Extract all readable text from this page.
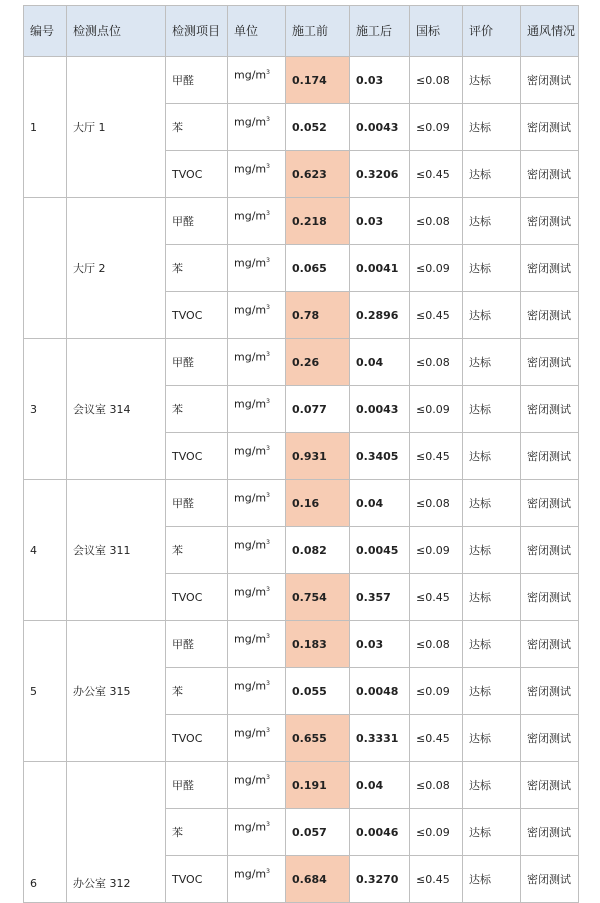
编号	检测点位	检测项目	单位	施工前	施工后	国标	评价	通风情况
1	大厅 1	甲醛	$mg/m^3$	0.174	0.03	≤0.08	达标	密闭测试
		苯	$mg/m^3$	0.052	0.0043	≤0.09	达标	密闭测试
		TVOC	$mg/m^3$	0.623	0.3206	≤0.45	达标	密闭测试
	大厅 2	甲醛	$mg/m^3$	0.218	0.03	≤0.08	达标	密闭测试
		苯	$mg/m^3$	0.065	0.0041	≤0.09	达标	密闭测试
		TVOC	$mg/m^3$	0.78	0.2896	≤0.45	达标	密闭测试
3	会议室 314	甲醛	$mg/m^3$	0.26	0.04	≤0.08	达标	密闭测试
		苯	$mg/m^3$	0.077	0.0043	≤0.09	达标	密闭测试
		TVOC	$mg/m^3$	0.931	0.3405	≤0.45	达标	密闭测试
4	会议室 311	甲醛	$mg/m^3$	0.16	0.04	≤0.08	达标	密闭测试
		苯	$mg/m^3$	0.082	0.0045	≤0.09	达标	密闭测试
		TVOC	$mg/m^3$	0.754	0.357	≤0.45	达标	密闭测试
5	办公室 315	甲醛	$mg/m^3$	0.183	0.03	≤0.08	达标	密闭测试
		苯	$mg/m^3$	0.055	0.0048	≤0.09	达标	密闭测试
		TVOC	$mg/m^3$	0.655	0.3331	≤0.45	达标	密闭测试
6	办公室 312	甲醛	$mg/m^3$	0.191	0.04	≤0.08	达标	密闭测试
		苯	$mg/m^3$	0.057	0.0046	≤0.09	达标	密闭测试
		TVOC	$mg/m^3$	0.684	0.3270	≤0.45	达标	密闭测试
